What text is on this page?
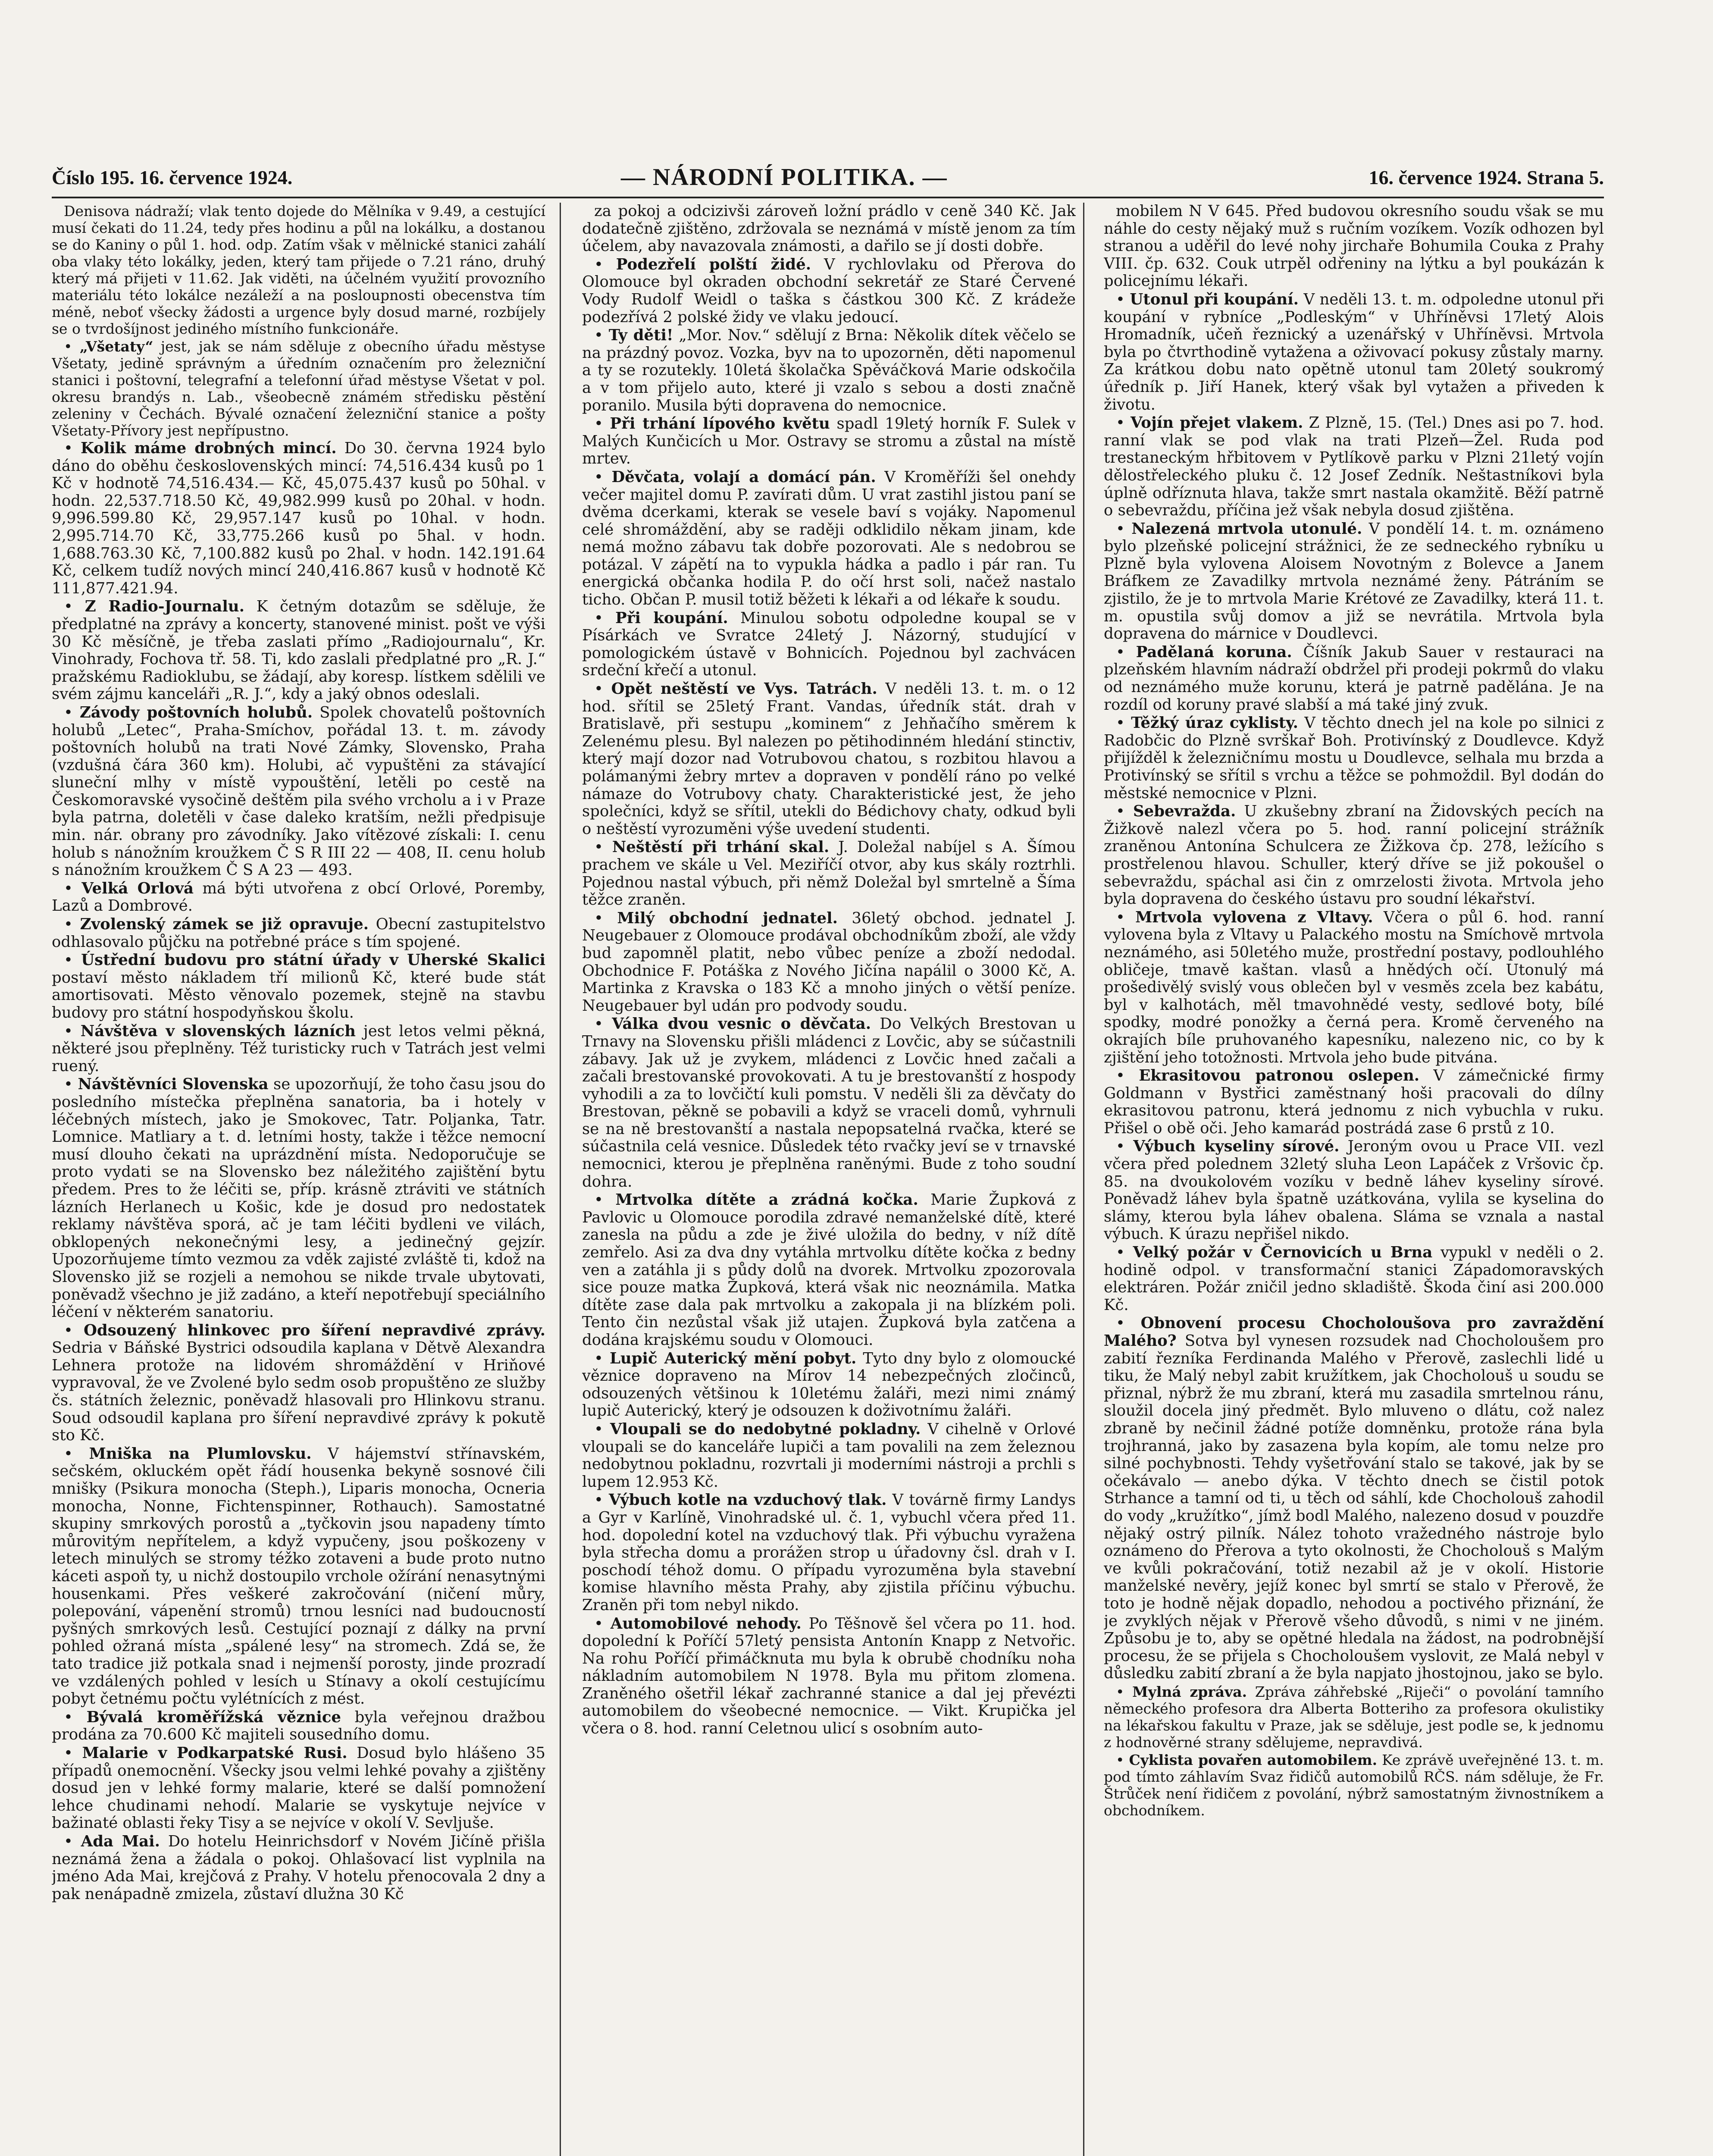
Číslo 195. 16. července 1924.	— NÁRODNÍ POLITIKA. —	16. července 1924. Strana 5.

Denisova nádraží; vlak tento dojede do Mělníka v 9.49, a cestující musí čekati do 11.24, tedy přes hodinu a půl na lokálku, a dostanou se do Kaniny o půl 1. hod. odp. Zatím však v mělnické stanici zahálí oba vlaky této lokálky, jeden, který tam přijede o 7.21 ráno, druhý který má přijeti v 11.62. Jak viděti, na účelném využití provozního materiálu této lokálce nezáleží a na posloupnosti obecenstva tím méně, neboť všecky žádosti a urgence byly dosud marné, rozbíjely se o tvrdošíjnost jediného místního funkcionáře.

• „Všetaty“ jest, jak se nám sděluje z obecního úřadu městyse Všetaty, jedině správným a úředním označením pro železniční stanici i poštovní, telegrafní a telefonní úřad městyse Všetat v pol. okresu brandýs n. Lab., všeobecně známém středisku pěstění zeleniny v Čechách. Bývalé označení železniční stanice a pošty Všetaty-Přívory jest nepřípustno.

• Kolik máme drobných mincí. Do 30. června 1924 bylo dáno do oběhu československých mincí: 74,516.434 kusů po 1 Kč v hodnotě 74,516.434.— Kč, 45,075.437 kusů po 50hal. v hodn. 22,537.718.50 Kč, 49,982.999 kusů po 20hal. v hodn. 9,996.599.80 Kč, 29,957.147 kusů po 10hal. v hodn. 2,995.714.70 Kč, 33,775.266 kusů po 5hal. v hodn. 1,688.763.30 Kč, 7,100.882 kusů po 2hal. v hodn. 142.191.64 Kč, celkem tudíž nových mincí 240,416.867 kusů v hodnotě Kč 111,877.421.94.

• Z Radio-Journalu. K četným dotazům se sděluje, že předplatné na zprávy a koncerty, stanovené minist. pošt ve výši 30 Kč měsíčně, je třeba zaslati přímo „Radiojournalu“, Kr. Vinohrady, Fochova tř. 58. Ti, kdo zaslali předplatné pro „R. J.“ pražskému Radioklubu, se žádají, aby koresp. lístkem sdělili ve svém zájmu kanceláři „R. J.“, kdy a jaký obnos odeslali.

• Závody poštovních holubů. Spolek chovatelů poštovních holubů „Letec“, Praha-Smíchov, pořádal 13. t. m. závody poštovních holubů na trati Nové Zámky, Slovensko, Praha (vzdušná čára 360 km). Holubi, ač vypuštěni za stávající sluneční mlhy v místě vypouštění, letěli po cestě na Českomoravské vysočině deštěm pila svého vrcholu a i v Praze byla patrna, doletěli v čase daleko kratším, nežli předpisuje min. nár. obrany pro závodníky. Jako vítězové získali: I. cenu holub s nánožním kroužkem Č S R III 22 — 408, II. cenu holub s nánožním kroužkem Č S A 23 — 493.

• Velká Orlová má býti utvořena z obcí Orlové, Poremby, Lazů a Dombrové.

• Zvolenský zámek se již opravuje. Obecní zastupitelstvo odhlasovalo půjčku na potřebné práce s tím spojené.

• Ústřední budovu pro státní úřady v Uherské Skalici postaví město nákladem tří milionů Kč, které bude stát amortisovati. Město věnovalo pozemek, stejně na stavbu budovy pro státní hospodyňskou školu.

• Návštěva v slovenských lázních jest letos velmi pěkná, některé jsou přeplněny. Též turisticky ruch v Tatrách jest velmi ruený.

• Návštěvníci Slovenska se upozorňují, že toho času jsou do posledního místečka přeplněna sanatoria, ba i hotely v léčebných místech, jako je Smokovec, Tatr. Poljanka, Tatr. Lomnice. Matliary a t. d. letními hosty, takže i těžce nemocní musí dlouho čekati na uprázdnění místa. Nedoporučuje se proto vydati se na Slovensko bez náležitého zajištění bytu předem. Pres to že léčiti se, příp. krásně ztráviti ve státních lázních Herlanech u Košic, kde je dosud pro nedostatek reklamy návštěva sporá, ač je tam léčiti bydleni ve vilách, obklopených nekonečnými lesy, a jedinečný gejzír. Upozorňujeme tímto vezmou za vděk zajisté zvláště ti, kdož na Slovensko již se rozjeli a nemohou se nikde trvale ubytovati, poněvadž všechno je již zadáno, a kteří nepotřebují speciálního léčení v některém sanatoriu.

• Odsouzený hlinkovec pro šíření nepravdivé zprávy. Sedria v Báňské Bystrici odsoudila kaplana v Dětvě Alexandra Lehnera protože na lidovém shromáždění v Hriňové vypravoval, že ve Zvolené bylo sedm osob propuštěno ze služby čs. státních železnic, poněvadž hlasovali pro Hlinkovu stranu. Soud odsoudil kaplana pro šíření nepravdivé zprávy k pokutě sto Kč.

• Mniška na Plumlovsku. V hájemství střínavském, sečském, okluckém opět řádí housenka bekyně sosnové čili mnišky (Psikura monocha (Steph.), Liparis monocha, Ocneria monocha, Nonne, Fichtenspinner, Rothauch). Samostatné skupiny smrkových porostů a „tyčkovin jsou napadeny tímto můrovitým nepřítelem, a když vypučeny, jsou poškozeny v letech minulých se stromy téžko zotaveni a bude proto nutno káceti aspoň ty, u nichž dostoupilo vrchole ožírání nenasytnými housenkami. Přes veškeré zakročování (ničení můry, polepování, vápenění stromů) trnou lesníci nad budoucností pyšných smrkových lesů. Cestující poznají z dálky na první pohled ožraná místa „spálené lesy“ na stromech. Zdá se, že tato tradice již potkala snad i nejmenší porosty, jinde prozradí ve vzdálených pohled v lesích u Stínavy a okolí cestujícímu pobyt četnému počtu vylétnících z mést.

• Bývalá kroměřížská věznice byla veřejnou dražbou prodána za 70.600 Kč majiteli sousedního domu.

• Malarie v Podkarpatské Rusi. Dosud bylo hlášeno 35 případů onemocnění. Všecky jsou velmi lehké povahy a zjištěny dosud jen v lehké formy malarie, které se další pomnožení lehce chudinami nehodí. Malarie se vyskytuje nejvíce v bažinaté oblasti řeky Tisy a se nejvíce v okolí V. Sevljuše.

• Ada Mai. Do hotelu Heinrichsdorf v Novém Jičíně přišla neznámá žena a žádala o pokoj. Ohlašovací list vyplnila na jméno Ada Mai, krejčová z Prahy. V hotelu přenocovala 2 dny a pak nenápadně zmizela, zůstaví dlužna 30 Kč

za pokoj a odcizivši zároveň ložní prádlo v ceně 340 Kč. Jak dodatečně zjištěno, zdržovala se neznámá v místě jenom za tím účelem, aby navazovala známosti, a dařilo se jí dosti dobře.

• Podezřelí polští židé. V rychlovlaku od Přerova do Olomouce byl okraden obchodní sekretář ze Staré Červené Vody Rudolf Weidl o taška s částkou 300 Kč. Z krádeže podezřívá 2 polské židy ve vlaku jedoucí.

• Ty děti! „Mor. Nov.“ sdělují z Brna: Několik dítek věčelo se na prázdný povoz. Vozka, byv na to upozorněn, děti napomenul a ty se rozutekly. 10letá školačka Spěváčková Marie odskočila a v tom přijelo auto, které ji vzalo s sebou a dosti značně poranilo. Musila býti dopravena do nemocnice.

• Při trhání lípového květu spadl 19letý horník F. Sulek v Malých Kunčicích u Mor. Ostravy se stromu a zůstal na místě mrtev.

• Děvčata, volají a domácí pán. V Kroměříži šel onehdy večer majitel domu P. zavírati dům. U vrat zastihl jistou paní se dvěma dcerkami, kterak se vesele baví s vojáky. Napomenul celé shromáždění, aby se raději odklidilo někam jinam, kde nemá možno zábavu tak dobře pozorovati. Ale s nedobrou se potázal. V zápětí na to vypukla hádka a padlo i pár ran. Tu energická občanka hodila P. do očí hrst soli, načež nastalo ticho. Občan P. musil totiž běžeti k lékaři a od lékaře k soudu.

• Při koupání. Minulou sobotu odpoledne koupal se v Písárkách ve Svratce 24letý J. Názorný, studující v pomologickém ústavě v Bohnicích. Pojednou byl zachvácen srdeční křečí a utonul.

• Opět neštěstí ve Vys. Tatrách. V neděli 13. t. m. o 12 hod. sřítil se 25letý Frant. Vandas, úředník stát. drah v Bratislavě, při sestupu „kominem“ z Jehňačího směrem k Zelenému plesu. Byl nalezen po pětihodinném hledání stinctiv, který mají dozor nad Votrubovou chatou, s rozbitou hlavou a polámanými žebry mrtev a dopraven v pondělí ráno po velké námaze do Votrubovy chaty. Charakteristické jest, že jeho společníci, když se sřítil, utekli do Bédichovy chaty, odkud byli o neštěstí vyrozuměni výše uvedení studenti.

• Neštěstí při trhání skal. J. Doležal nabíjel s A. Šímou prachem ve skále u Vel. Meziříčí otvor, aby kus skály roztrhli. Pojednou nastal výbuch, při němž Doležal byl smrtelně a Šíma těžce zraněn.

• Milý obchodní jednatel. 36letý obchod. jednatel J. Neugebauer z Olomouce prodával obchodníkům zboží, ale vždy bud zapomněl platit, nebo vůbec peníze a zboží nedodal. Obchodnice F. Potáška z Nového Jičína napálil o 3000 Kč, A. Martinka z Kravska o 183 Kč a mnoho jiných o větší peníze. Neugebauer byl udán pro podvody soudu.

• Válka dvou vesnic o děvčata. Do Velkých Brestovan u Trnavy na Slovensku přišli mládenci z Lovčic, aby se súčastnili zábavy. Jak už je zvykem, mládenci z Lovčic hned začali a začali brestovanské provokovati. A tu je brestovanští z hospody vyhodili a za to lovčičtí kuli pomstu. V neděli šli za děvčaty do Brestovan, pěkně se pobavili a když se vraceli domů, vyhrnuli se na ně brestovanští a nastala nepopsatelná rvačka, které se súčastnila celá vesnice. Důsledek této rvačky jeví se v trnavské nemocnici, kterou je přeplněna raněnými. Bude z toho soudní dohra.

• Mrtvolka dítěte a zrádná kočka. Marie Župková z Pavlovic u Olomouce porodila zdravé nemanželské dítě, které zanesla na půdu a zde je živé uložila do bedny, v níž dítě zemřelo. Asi za dva dny vytáhla mrtvolku dítěte kočka z bedny ven a zatáhla ji s půdy dolů na dvorek. Mrtvolku zpozorovala sice pouze matka Župková, která však nic neoznámila. Matka dítěte zase dala pak mrtvolku a zakopala ji na blízkém poli. Tento čin nezůstal však již utajen. Župková byla zatčena a dodána krajskému soudu v Olomouci.

• Lupič Auterický mění pobyt. Tyto dny bylo z olomoucké věznice dopraveno na Mírov 14 nebezpečných zločinců, odsouzených většinou k 10letému žaláři, mezi nimi známý lupič Auterický, který je odsouzen k doživotnímu žaláři.

• Vloupali se do nedobytné pokladny. V cihelně v Orlové vloupali se do kanceláře lupiči a tam povalili na zem železnou nedobytnou pokladnu, rozvrtali ji moderními nástroji a prchli s lupem 12.953 Kč.

• Výbuch kotle na vzduchový tlak. V továrně firmy Landys a Gyr v Karlíně, Vinohradské ul. č. 1, vybuchl včera před 11. hod. dopolední kotel na vzduchový tlak. Při výbuchu vyražena byla střecha domu a prorážen strop u úřadovny čsl. drah v I. poschodí téhož domu. O případu vyrozuměna byla stavební komise hlavního města Prahy, aby zjistila příčinu výbuchu. Zraněn při tom nebyl nikdo.

• Automobilové nehody. Po Těšnově šel včera po 11. hod. dopolední k Poříčí 57letý pensista Antonín Knapp z Netvořic. Na rohu Poříčí přimáčknuta mu byla k obrubě chodníku noha nákladním automobilem N 1978. Byla mu přitom zlomena. Zraněného ošetřil lékař zachranné stanice a dal jej převézti automobilem do všeobecné nemocnice. — Vikt. Krupička jel včera o 8. hod. ranní Celetnou ulicí s osobním auto-

mobilem N V 645. Před budovou okresního soudu však se mu náhle do cesty nějaký muž s ručním vozíkem. Vozík odhozen byl stranou a uděřil do levé nohy jirchaře Bohumila Couka z Prahy VIII. čp. 632. Couk utrpěl odřeniny na lýtku a byl poukázán k policejnímu lékaři.

• Utonul při koupání. V neděli 13. t. m. odpoledne utonul při koupání v rybníce „Podleským“ v Uhříněvsi 17letý Alois Hromadník, učeň řeznický a uzenářský v Uhříněvsi. Mrtvola byla po čtvrthodině vytažena a oživovací pokusy zůstaly marny. Za krátkou dobu nato opětně utonul tam 20letý soukromý úředník p. Jiří Hanek, který však byl vytažen a přiveden k životu.

• Vojín přejet vlakem. Z Plzně, 15. (Tel.) Dnes asi po 7. hod. ranní vlak se pod vlak na trati Plzeň—Žel. Ruda pod trestaneckým hřbitovem v Pytlíkově parku v Plzni 21letý vojín dělostřeleckého pluku č. 12 Josef Zedník. Neštastníkovi byla úplně odříznuta hlava, takže smrt nastala okamžitě. Běží patrně o sebevraždu, příčina jež však nebyla dosud zjištěna.

• Nalezená mrtvola utonulé. V pondělí 14. t. m. oznámeno bylo plzeňské policejní strážnici, že ze sedneckého rybníku u Plzně byla vylovena Aloisem Novotným z Bolevce a Janem Bráfkem ze Zavadilky mrtvola neznámé ženy. Pátráním se zjistilo, že je to mrtvola Marie Krétové ze Zavadilky, která 11. t. m. opustila svůj domov a již se nevrátila. Mrtvola byla dopravena do márnice v Doudlevci.

• Padělaná koruna. Číšník Jakub Sauer v restauraci na plzeňském hlavním nádraží obdržel při prodeji pokrmů do vlaku od neznámého muže korunu, která je patrně padělána. Je na rozdíl od koruny pravé slabší a má také jiný zvuk.

• Těžký úraz cyklisty. V těchto dnech jel na kole po silnici z Radobčic do Plzně svrškař Boh. Protivínský z Doudlevce. Když přijížděl k železničnímu mostu u Doudlevce, selhala mu brzda a Protivínský se sřítil s vrchu a těžce se pohmoždil. Byl dodán do městské nemocnice v Plzni.

• Sebevražda. U zkušebny zbraní na Židovských pecích na Žižkově nalezl včera po 5. hod. ranní policejní strážník zraněnou Antonína Schulcera ze Žižkova čp. 278, ležícího s prostřelenou hlavou. Schuller, který dříve se již pokoušel o sebevraždu, spáchal asi čin z omrzelosti života. Mrtvola jeho byla dopravena do českého ústavu pro soudní lékařství.

• Mrtvola vylovena z Vltavy. Včera o půl 6. hod. ranní vylovena byla z Vltavy u Palackého mostu na Smíchově mrtvola neznámého, asi 50letého muže, prostřední postavy, podlouhlého obličeje, tmavě kaštan. vlasů a hnědých očí. Utonulý má prošedivělý svislý vous oblečen byl v vesměs zcela bez kabátu, byl v kalhotách, měl tmavohnědé vesty, sedlové boty, bílé spodky, modré ponožky a černá pera. Kromě červeného na okrajích bíle pruhovaného kapesníku, nalezeno nic, co by k zjištění jeho totožnosti. Mrtvola jeho bude pitvána.

• Ekrasitovou patronou oslepen. V zámečnické firmy Goldmann v Bystřici zaměstnaný hoši pracovali do dílny ekrasitovou patronu, která jednomu z nich vybuchla v ruku. Přišel o obě oči. Jeho kamarád postrádá zase 6 prstů z 10.

• Výbuch kyseliny sírové. Jeroným ovou u Prace VII. vezl včera před polednem 32letý sluha Leon Lapáček z Vršovic čp. 85. na dvoukolovém vozíku v bedně láhev kyseliny sírové. Poněvadž láhev byla špatně uzátkována, vylila se kyselina do slámy, kterou byla láhev obalena. Sláma se vznala a nastal výbuch. K úrazu nepřišel nikdo.

• Velký požár v Černovicích u Brna vypukl v neděli o 2. hodině odpol. v transformační stanici Západomoravských elektráren. Požár zničil jedno skladiště. Škoda činí asi 200.000 Kč.

• Obnovení procesu Chocholoušova pro zavraždění Malého? Sotva byl vynesen rozsudek nad Chocholoušem pro zabití řezníka Ferdinanda Malého v Přerově, zaslechli lidé u tiku, že Malý nebyl zabit kružítkem, jak Chocholouš u soudu se přiznal, nýbrž že mu zbraní, která mu zasadila smrtelnou ránu, sloužil docela jiný předmět. Bylo mluveno o dlátu, což nalez zbraně by nečinil žádné potíže domněnku, protože rána byla trojhranná, jako by zasazena byla kopím, ale tomu nelze pro silné pochybnosti. Tehdy vyšetřování stalo se takové, jak by se očekávalo — anebo dýka. V těchto dnech se čistil potok Strhance a tamní od ti, u těch od sáhlí, kde Chocholouš zahodil do vody „kružítko“, jímž bodl Malého, nalezeno dosud v pouzdře nějaký ostrý pilník. Nález tohoto vražedného nástroje bylo oznámeno do Přerova a tyto okolnosti, že Chocholouš s Malým ve kvůli pokračování, totiž nezabil až je v okolí. Historie manželské nevěry, jejíž konec byl smrtí se stalo v Přerově, že toto je hodně nějak dopadlo, nehodou a poctivého přiznání, že je zvyklých nějak v Přerově všeho důvodů, s nimi v ne jiném. Způsobu je to, aby se opětné hledala na žádost, na podrobnější procesu, že se přijela s Chocholoušem vyslovit, ze Malá nebyl v důsledku zabití zbraní a že byla napjato jhostojnou, jako se bylo.

• Mylná zpráva. Zpráva záhřebské „Riječi“ o povolání tamního německého profesora dra Alberta Botteriho za profesora okulistiky na lékařskou fakultu v Praze, jak se sděluje, jest podle se, k jednomu z hodnověrné strany sdělujeme, nepravdivá.

• Cyklista povařen automobilem. Ke zprávě uveřejněné 13. t. m. pod tímto záhlavím Svaz řidičů automobilů RČS. nám sděluje, že Fr. Štrůček není řidičem z povolání, nýbrž samostatným živnostníkem a obchodníkem.
